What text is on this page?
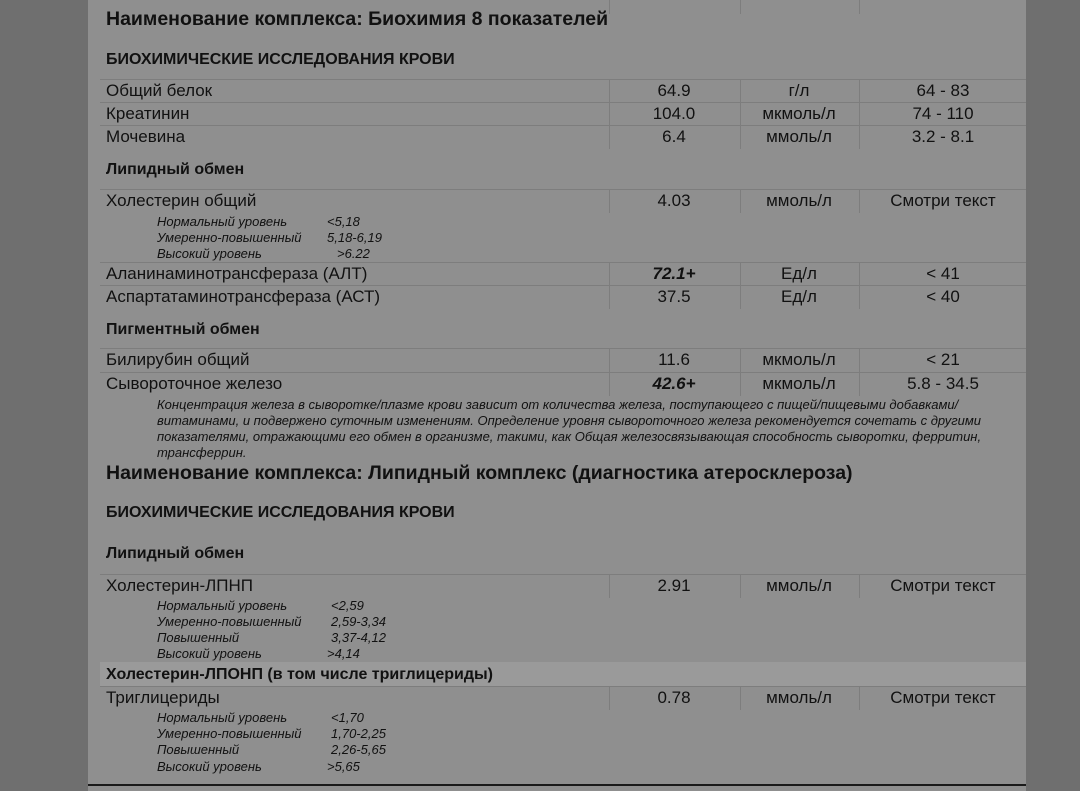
Наименование комплекса: Биохимия 8 показателей
БИОХИМИЧЕСКИЕ ИССЛЕДОВАНИЯ КРОВИ
Общий белок	64.9	г/л	64 - 83
Креатинин	104.0	мкмоль/л	74 - 110
Мочевина	6.4	ммоль/л	3.2 - 8.1
Липидный обмен
Холестерин общий	4.03	ммоль/л	Смотри текст
Нормальный уровень	<5,18
Умеренно-повышенный 5,18-6,19
Высокий уровень	>6.22
Аланинаминотрансфераза (АЛТ)	72.1+	Ед/л	< 41
Аспартатаминотрансфераза (АСТ)	37.5	Ед/л	< 40
Пигментный обмен
Билирубин общий	11.6	мкмоль/л	< 21
Сывороточное железо	42.6+	мкмоль/л	5.8 - 34.5
Концентрация железа в сыворотке/плазме крови зависит от количества железа, поступающего с пищей/пищевыми добавками/витаминами, и подвержено суточным изменениям. Определение уровня сывороточного железа рекомендуется сочетать с другими показателями, отражающими его обмен в организме, такими, как Общая железосвязывающая способность сыворотки, ферритин, трансферрин.
Наименование комплекса: Липидный комплекс (диагностика атеросклероза)
БИОХИМИЧЕСКИЕ ИССЛЕДОВАНИЯ КРОВИ
Липидный обмен
Холестерин-ЛПНП	2.91	ммоль/л	Смотри текст
Нормальный уровень	<2,59
Умеренно-повышенный 2,59-3,34
Повышенный	3,37-4,12
Высокий уровень	>4,14
Холестерин-ЛПОНП (в том числе триглицериды)
Триглицериды	0.78	ммоль/л	Смотри текст
Нормальный уровень	<1,70
Умеренно-повышенный 1,70-2,25
Повышенный	2,26-5,65
Высокий уровень	>5,65
